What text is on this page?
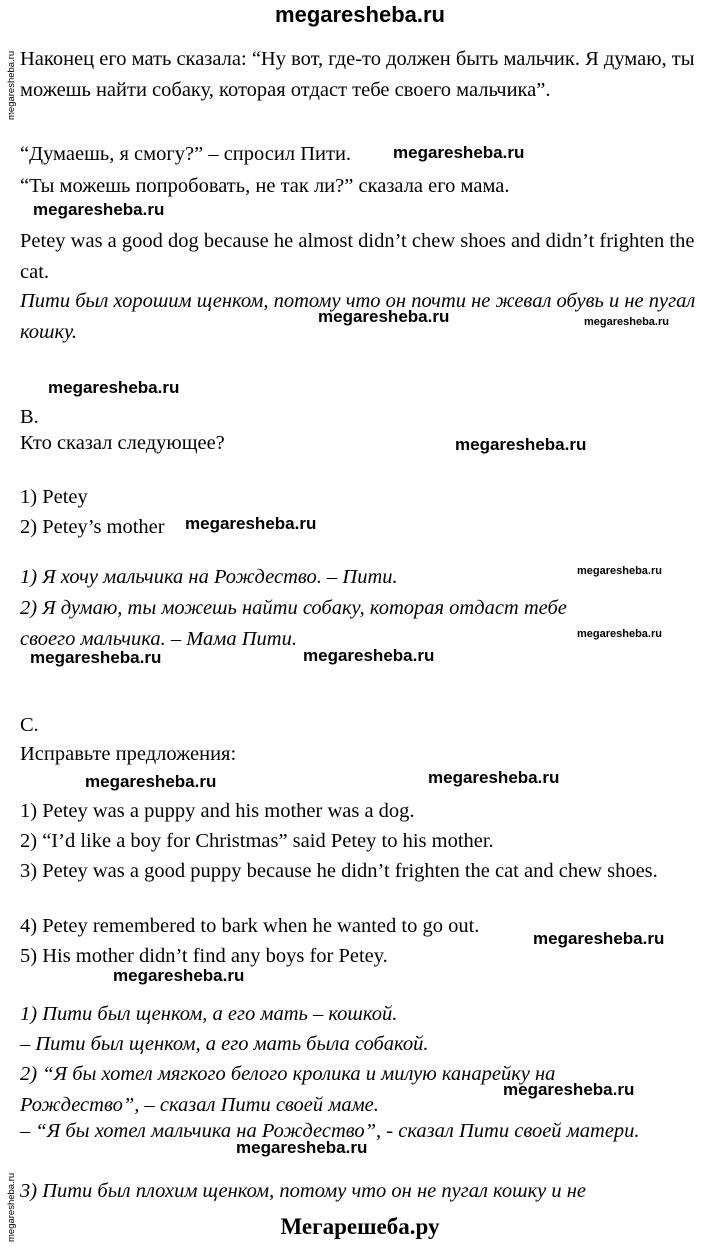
megaresheba.ru
megaresheba.ru Наконец его мать сказала: “Ну вот, где-то должен быть мальчик. Я думаю, ты можешь найти собаку, которая отдаст тебе своего мальчика”.
“Думаешь, я смогу?” – спросил Пити.	megaresheba.ru
“Ты можешь попробовать, не так ли?” сказала его мама.
megaresheba.ru
Petey was a good dog because he almost didn’t chew shoes and didn’t frighten the cat.
Пити был хорошим щенком, потому что он почти не жевал обувь и не пугал кошку.
megaresheba.ru	megaresheba.ru
megaresheba.ru
B.
Кто сказал следующее?	megaresheba.ru
1) Petey
2) Petey’s mother	megaresheba.ru
1) Я хочу мальчика на Рождество. – Пити.	megaresheba.ru
2) Я думаю, ты можешь найти собаку, которая отдаст тебе своего мальчика. – Мама Пити.	megaresheba.ru
megaresheba.ru	megaresheba.ru
C.
Исправьте предложения:
megaresheba.ru	megaresheba.ru
1) Petey was a puppy and his mother was a dog.
2) “I’d like a boy for Christmas” said Petey to his mother.
3) Petey was a good puppy because he didn’t frighten the cat and chew shoes.
4) Petey remembered to bark when he wanted to go out.
5) His mother didn’t find any boys for Petey.
megaresheba.ru
megaresheba.ru
1) Пити был щенком, а его мать – кошкой.
– Пити был щенком, а его мать была собакой.
2) “Я бы хотел мягкого белого кролика и милую канарейку на Рождество”, – сказал Пити своей маме.
megaresheba.ru
– “Я бы хотел мальчика на Рождество”, - сказал Пити своей матери.
megaresheba.ru
3) Пити был плохим щенком, потому что он не пугал кошку и не
megaresheba.ru	Мегарешеба.ру
